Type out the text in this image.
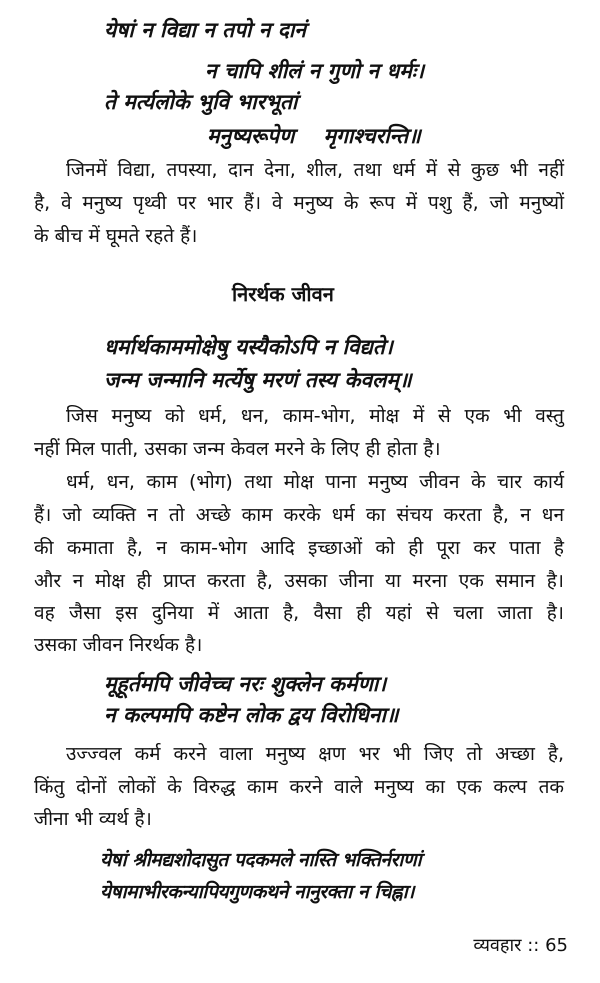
येषां न विद्या न तपो न दानं

न चापि शीलं न गुणो न धर्मः।

ते मर्त्यलोके भुवि भारभूतां

मनुष्यरूपेण    मृगाश्चरन्ति॥

जिनमें विद्या, तपस्या, दान देना, शील, तथा धर्म में से कुछ भी नहीं

है, वे मनुष्य पृथ्वी पर भार हैं। वे मनुष्य के रूप में पशु हैं, जो मनुष्यों

के बीच में घूमते रहते हैं।

निरर्थक जीवन

धर्मार्थकाममोक्षेषु यस्यैकोऽपि न विद्यते।

जन्म जन्मानि मर्त्येषु मरणं तस्य केवलम्॥

जिस मनुष्य को धर्म, धन, काम-भोग, मोक्ष में से एक भी वस्तु

नहीं मिल पाती, उसका जन्म केवल मरने के लिए ही होता है।

धर्म, धन, काम (भोग) तथा मोक्ष पाना मनुष्य जीवन के चार कार्य

हैं। जो व्यक्ति न तो अच्छे काम करके धर्म का संचय करता है, न धन

की कमाता है, न काम-भोग आदि इच्छाओं को ही पूरा कर पाता है

और न मोक्ष ही प्राप्त करता है, उसका जीना या मरना एक समान है।

वह जैसा इस दुनिया में आता है, वैसा ही यहां से चला जाता है।

उसका जीवन निरर्थक है।

मूहूर्तमपि जीवेच्च नरः शुक्लेन कर्मणा।

न कल्पमपि कष्टेन लोक द्वय विरोधिना॥

उज्ज्वल कर्म करने वाला मनुष्य क्षण भर भी जिए तो अच्छा है,

किंतु दोनों लोकों के विरुद्ध काम करने वाले मनुष्य का एक कल्प तक

जीना भी व्यर्थ है।

येषां श्रीमद्यशोदासुत पदकमले नास्ति भक्तिर्नराणां

येषामाभीरकन्यापियगुणकथने नानुरक्ता न चिह्ना।

व्यवहार :: 65
